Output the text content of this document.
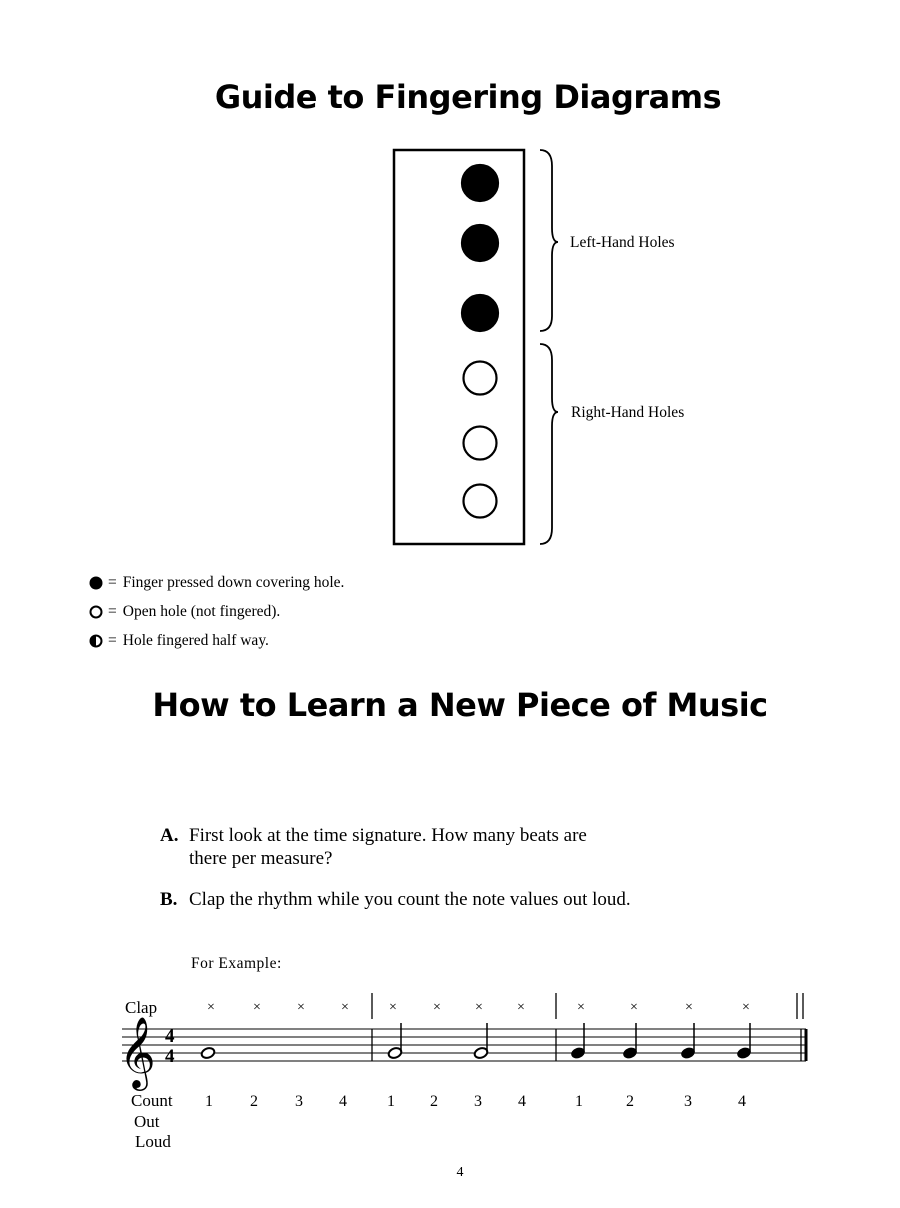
Guide to Fingering Diagrams
Left-Hand Holes
Right-Hand Holes
= Finger pressed down covering hole.
= Open hole (not fingered).
= Hole fingered half way.
How to Learn a New Piece of Music
A. First look at the time signature. How many beats are
there per measure?
B. Clap the rhythm while you count the note values out loud.
For Example:
Clap	×	×	×	×	×	× × ×	×	×	×	×
1 2 3 4	1 2 3 4	1	2	3	4
𝄞 4
4
Count
Out
Loud
4
